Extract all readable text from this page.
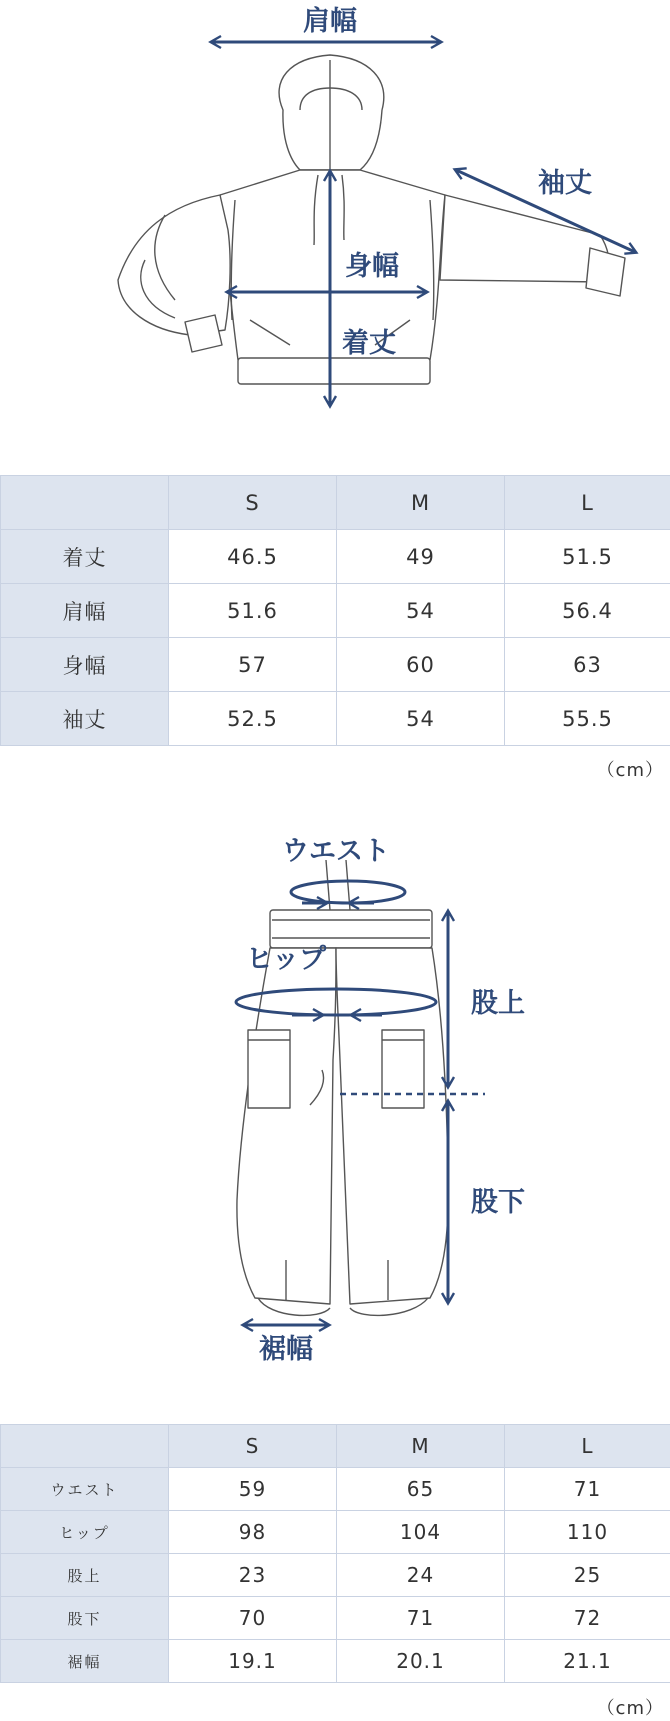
肩幅
袖丈
身幅
着丈
	S	M	L
着丈	46.5	49	51.5
肩幅	51.6	54	56.4
身幅	57	60	63
袖丈	52.5	54	55.5
（cm）
ウエスト
ヒップ
股上
股下
裾幅
	S	M	L
ウエスト	59	65	71
ヒップ	98	104	110
股上	23	24	25
股下	70	71	72
裾幅	19.1	20.1	21.1
（cm）
